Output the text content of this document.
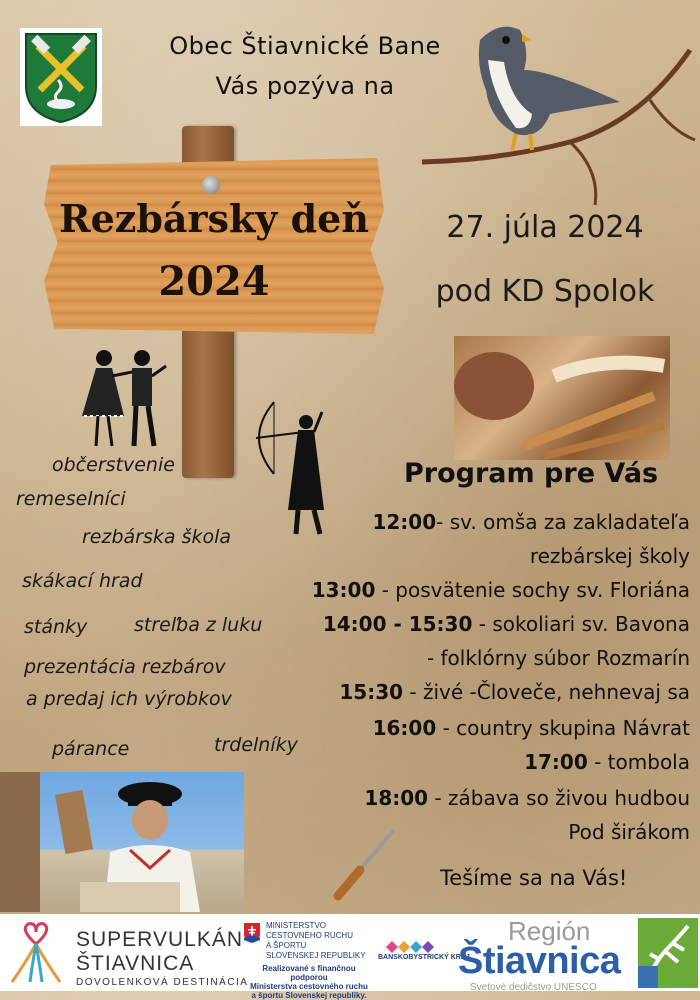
Obec Štiavnické Bane
Vás pozýva na
Rezbársky deň
2024
27. júla 2024
pod KD Spolok
občerstvenie
remeselníci
rezbárska škola
skákací hrad
stánky streľba z luku
prezentácia rezbárov
a predaj ich výrobkov
párance	trdelníky
Program pre Vás
12:00- sv. omša za zakladateľa
rezbárskej školy
13:00 - posvätenie sochy sv. Floriána
14:00 - 15:30 - sokoliari sv. Bavona
- folklórny súbor Rozmarín
15:30 - živé -Človeče, nehnevaj sa
16:00 - country skupina Návrat
17:00 - tombola
18:00 - zábava so živou hudbou
Pod širákom
Tešíme sa na Vás!
SUPERVULKÁN
ŠTIAVNICA
DOVOLENKOVÁ DESTINÁCIA
MINISTERSTVO
CESTOVNÉHO RUCHU
A ŠPORTU
SLOVENSKEJ REPUBLIKY
Realizované s finančnou podporou
Ministerstva cestovného ruchu
a športu Slovenskej republiky.
BANSKOBYSTRICKÝ KRAJ
Región
Štiavnica
Svetové dedičstvo UNESCO
